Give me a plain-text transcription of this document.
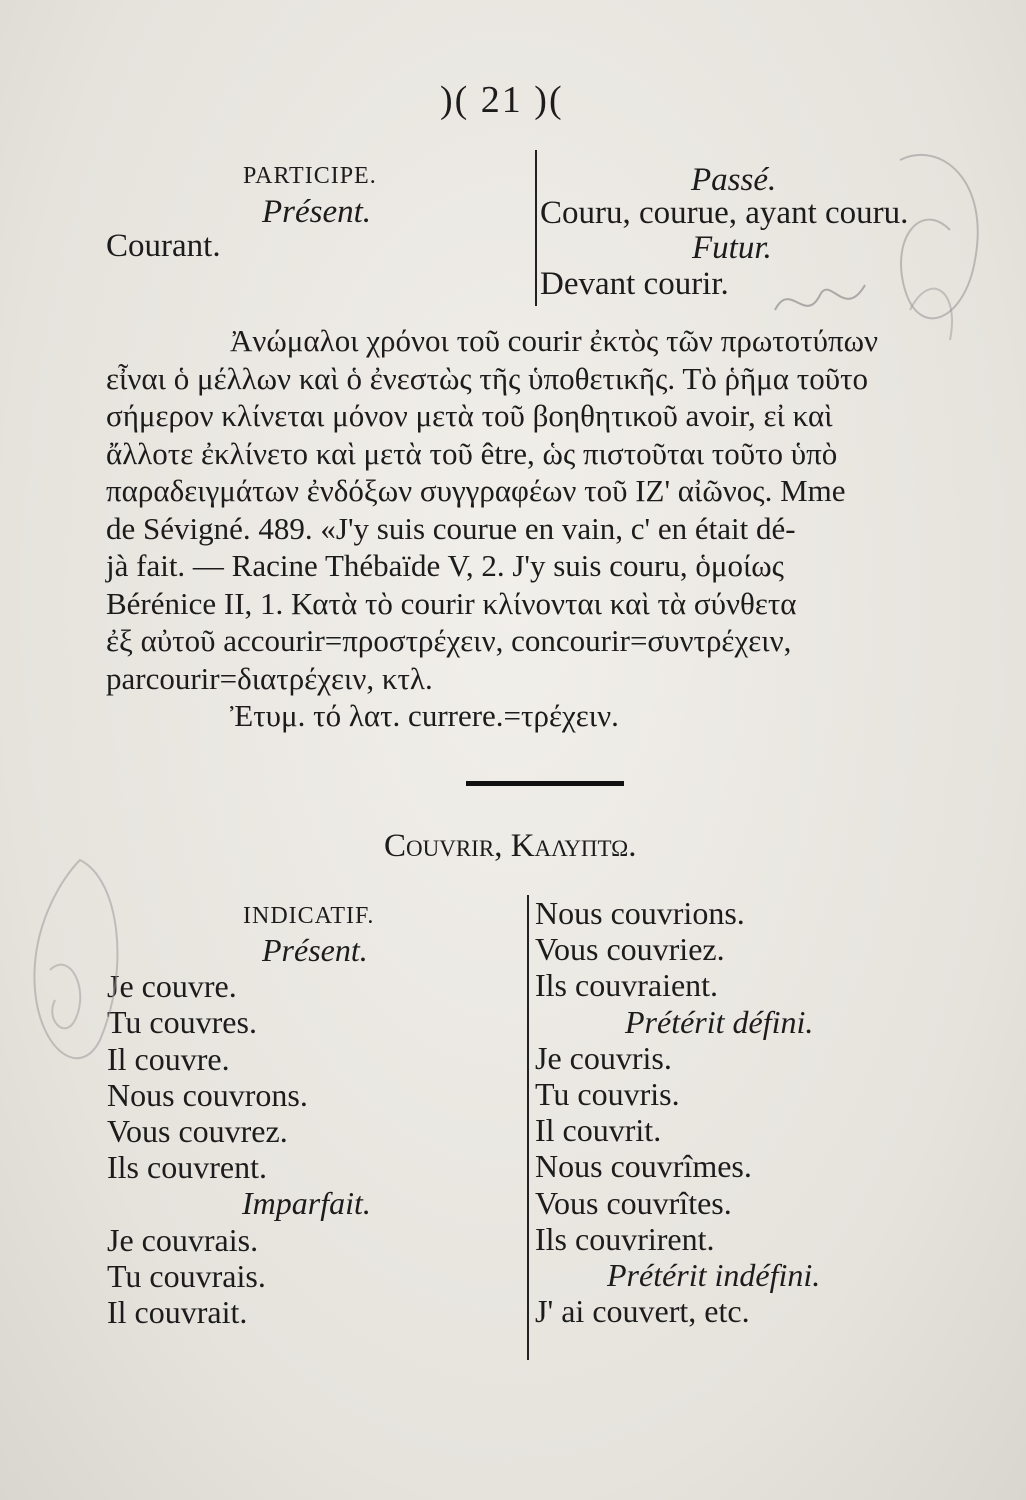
)( 21 )(
PARTICIPE.
Présent.
Courant.
Passé.
Couru, courue, ayant couru.
Futur.
Devant courir.
Ἀνώμαλοι χρόνοι τοῦ courir ἐκτὸς τῶν πρωτοτύπων
εἶναι ὁ μέλλων καὶ ὁ ἐνεστὼς τῆς ὑποθετικῆς. Τὸ ῥῆμα τοῦτο
σήμερον κλίνεται μόνον μετὰ τοῦ βοηθητικοῦ avoir, εἰ καὶ
ἄλλοτε ἐκλίνετο καὶ μετὰ τοῦ être, ὡς πιστοῦται τοῦτο ὑπὸ
παραδειγμάτων ἐνδόξων συγγραφέων τοῦ ΙΖ' αἰῶνος. Mme
de Sévigné. 489. «J'y suis courue en vain, c' en était dé-
jà fait. — Racine Thébaïde V, 2. J'y suis couru, ὁμοίως
Bérénice II, 1. Κατὰ τὸ courir κλίνονται καὶ τὰ σύνθετα
ἐξ αὐτοῦ accourir=προστρέχειν, concourir=συντρέχειν,
parcourir=διατρέχειν, κτλ.
Ἐτυμ. τό λατ. currere.=τρέχειν.
Couvrir, Καλυπτω.
INDICATIF.
Présent.
Je couvre.
Tu couvres.
Il couvre.
Nous couvrons.
Vous couvrez.
Ils couvrent.
Imparfait.
Je couvrais.
Tu couvrais.
Il couvrait.
Nous couvrions.
Vous couvriez.
Ils couvraient.
Prétérit défini.
Je couvris.
Tu couvris.
Il couvrit.
Nous couvrîmes.
Vous couvrîtes.
Ils couvrirent.
Prétérit indéfini.
J' ai couvert, etc.
